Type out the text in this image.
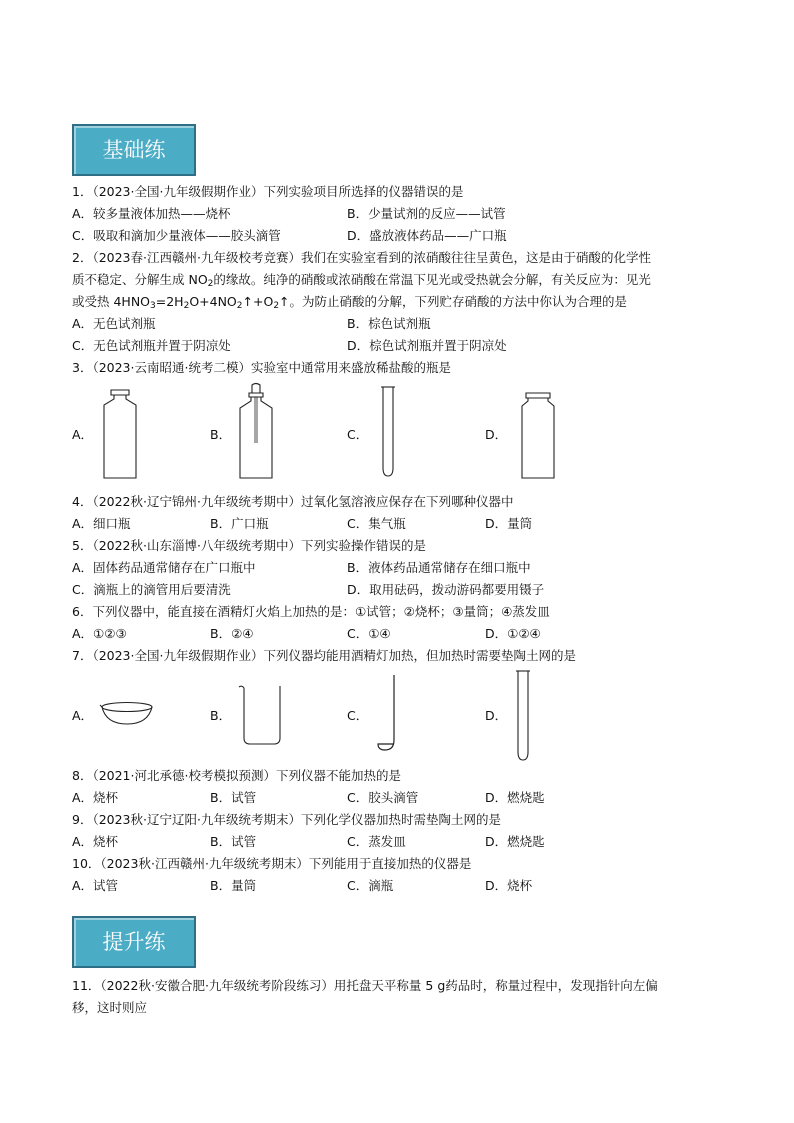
基础练
1．（2023·全国·九年级假期作业）下列实验项目所选择的仪器错误的是
A．较多量液体加热——烧杯	B．少量试剂的反应——试管
C．吸取和滴加少量液体——胶头滴管	D．盛放液体药品——广口瓶
2．（2023春·江西赣州·九年级校考竞赛）我们在实验室看到的浓硝酸往往呈黄色，这是由于硝酸的化学性
质不稳定、分解生成 $NO_2$的缘故。纯净的硝酸或浓硝酸在常温下见光或受热就会分解，有关反应为：见光
或受热 $4HNO_3=2H_2O+4NO_2↑+O_2↑$。为防止硝酸的分解，下列贮存硝酸的方法中你认为合理的是
A．无色试剂瓶	B．棕色试剂瓶
C．无色试剂瓶并置于阴凉处	D．棕色试剂瓶并置于阴凉处
3．（2023·云南昭通·统考二模）实验室中通常用来盛放稀盐酸的瓶是
A．	B．	C．	D．
4．（2022秋·辽宁锦州·九年级统考期中）过氧化氢溶液应保存在下列哪种仪器中
A．细口瓶	B．广口瓶	C．集气瓶	D．量筒
5．（2022秋·山东淄博·八年级统考期中）下列实验操作错误的是
A．固体药品通常储存在广口瓶中	B．液体药品通常储存在细口瓶中
C．滴瓶上的滴管用后要清洗	D．取用砝码，拨动游码都要用镊子
6．下列仪器中，能直接在酒精灯火焰上加热的是：①试管；②烧杯；③量筒；④蒸发皿
A．①②③	B．②④	C．①④	D．①②④
7．（2023·全国·九年级假期作业）下列仪器均能用酒精灯加热，但加热时需要垫陶土网的是
A．	B．	C．	D．
8．（2021·河北承德·校考模拟预测）下列仪器不能加热的是
A．烧杯	B．试管	C．胶头滴管	D．燃烧匙
9．（2023秋·辽宁辽阳·九年级统考期末）下列化学仪器加热时需垫陶土网的是
A．烧杯	B．试管	C．蒸发皿	D．燃烧匙
10．（2023秋·江西赣州·九年级统考期末）下列能用于直接加热的仪器是
A．试管	B．量筒	C．滴瓶	D．烧杯
提升练
11．（2022秋·安徽合肥·九年级统考阶段练习）用托盘天平称量 5 g药品时，称量过程中，发现指针向左偏
移，这时则应
